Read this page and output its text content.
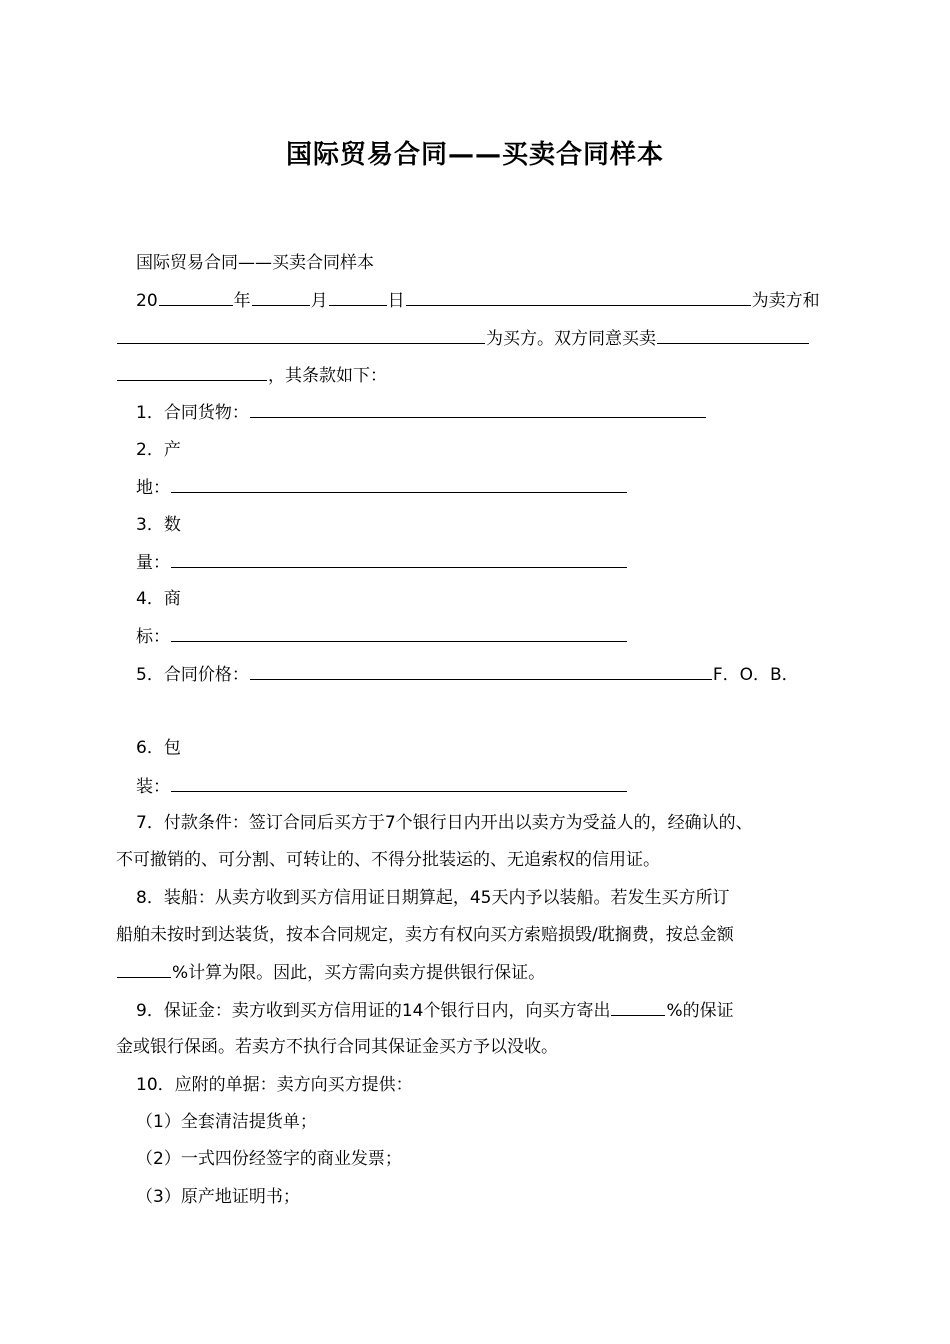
国际贸易合同——买卖合同样本
国际贸易合同——买卖合同样本
20	年	月	日	为卖方和
为买方。双方同意买卖
，其条款如下：
1．合同货物：
2．产
地：
3．数
量：
4．商
标：
5．合同价格：	F．O．B．
6．包
装：
7．付款条件：签订合同后买方于7个银行日内开出以卖方为受益人的，经确认的、
不可撤销的、可分割、可转让的、不得分批装运的、无追索权的信用证。
8．装船：从卖方收到买方信用证日期算起，45天内予以装船。若发生买方所订
船舶未按时到达装货，按本合同规定，卖方有权向买方索赔损毁/耽搁费，按总金额
%计算为限。因此，买方需向卖方提供银行保证。
9．保证金：卖方收到买方信用证的14个银行日内，向买方寄出	%的保证
金或银行保函。若卖方不执行合同其保证金买方予以没收。
10．应附的单据：卖方向买方提供：
（1）全套清洁提货单；
（2）一式四份经签字的商业发票；
（3）原产地证明书；
